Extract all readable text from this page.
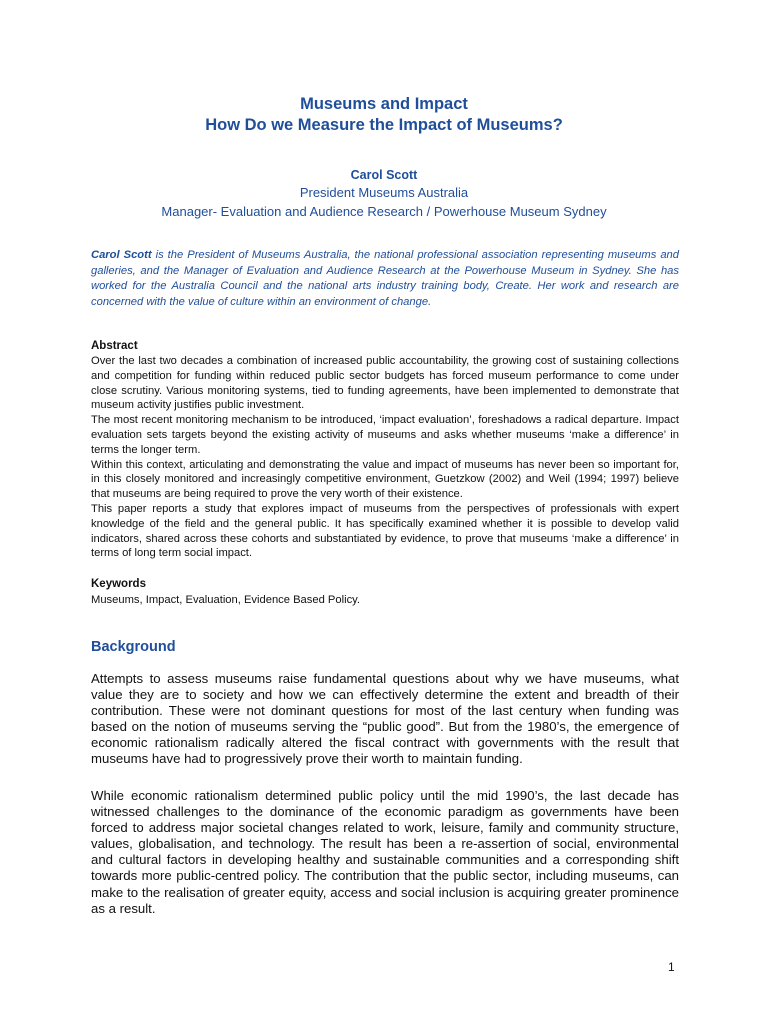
Museums and Impact

How Do we Measure the Impact of Museums?

Carol Scott

President Museums Australia

Manager- Evaluation and Audience Research / Powerhouse Museum Sydney

Carol Scott is the President of Museums Australia, the national professional association representing museums and galleries, and the Manager of Evaluation and Audience Research at the Powerhouse Museum in Sydney. She has worked for the Australia Council and the national arts industry training body, Create. Her work and research are concerned with the value of culture within an environment of change.

Abstract

Over the last two decades a combination of increased public accountability, the growing cost of sustaining collections and competition for funding within reduced public sector budgets has forced museum performance to come under close scrutiny. Various monitoring systems, tied to funding agreements, have been implemented to demonstrate that museum activity justifies public investment.

The most recent monitoring mechanism to be introduced, ‘impact evaluation’, foreshadows a radical departure. Impact evaluation sets targets beyond the existing activity of museums and asks whether museums ‘make a difference’ in terms the longer term.

Within this context, articulating and demonstrating the value and impact of museums has never been so important for, in this closely monitored and increasingly competitive environment, Guetzkow (2002) and Weil (1994; 1997) believe that museums are being required to prove the very worth of their existence.

This paper reports a study that explores impact of museums from the perspectives of professionals with expert knowledge of the field and the general public. It has specifically examined whether it is possible to develop valid indicators, shared across these cohorts and substantiated by evidence, to prove that museums ‘make a difference’ in terms of long term social impact.

Keywords

Museums, Impact, Evaluation, Evidence Based Policy.

Background

Attempts to assess museums raise fundamental questions about why we have museums, what value they are to society and how we can effectively determine the extent and breadth of their contribution. These were not dominant questions for most of the last century when funding was based on the notion of museums serving the “public good”. But from the 1980’s, the emergence of economic rationalism radically altered the fiscal contract with governments with the result that museums have had to progressively prove their worth to maintain funding.

While economic rationalism determined public policy until the mid 1990’s, the last decade has witnessed challenges to the dominance of the economic paradigm as governments have been forced to address major societal changes related to work, leisure, family and community structure, values, globalisation, and technology. The result has been a re-assertion of social, environmental and cultural factors in developing healthy and sustainable communities and a corresponding shift towards more public-centred policy. The contribution that the public sector, including museums, can make to the realisation of greater equity, access and social inclusion is acquiring greater prominence as a result.

1
